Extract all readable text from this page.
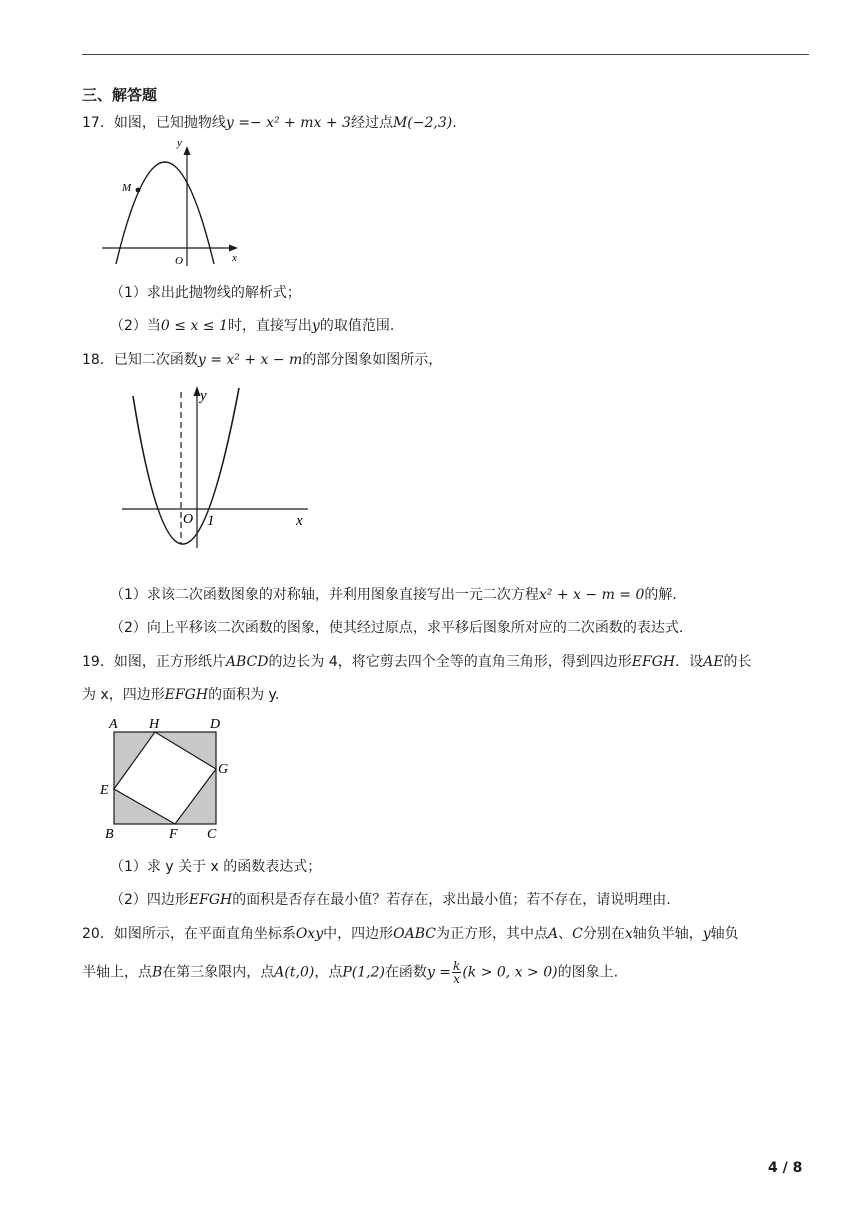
三、解答题
17．如图，已知抛物线y =− x² + mx + 3经过点M(−2,3).
M
y
x
O
（1）求出此抛物线的解析式；
（2）当0 ≤ x ≤ 1时，直接写出y的取值范围.
18．已知二次函数y = x² + x − m的部分图象如图所示，
y
x
O 1
（1）求该二次函数图象的对称轴，并利用图象直接写出一元二次方程x² + x − m = 0的解.
（2）向上平移该二次函数的图象，使其经过原点，求平移后图象所对应的二次函数的表达式.
19．如图，正方形纸片ABCD的边长为 4，将它剪去四个全等的直角三角形，得到四边形EFGH．设AE的长
为 x，四边形EFGH的面积为 y.
A H	D
G
E
B	F C
（1）求 y 关于 x 的函数表达式；
（2）四边形EFGH的面积是否存在最小值？若存在，求出最小值；若不存在，请说明理由.
20．如图所示，在平面直角坐标系Oxy中，四边形OABC为正方形，其中点A、C分别在x轴负半轴，y轴负
半轴上，点B在第三象限内，点A(t,0)，点P(1,2)在函数$y = \frac{k}{x} (k > 0$, x > 0)的图象上.
4 / 8
